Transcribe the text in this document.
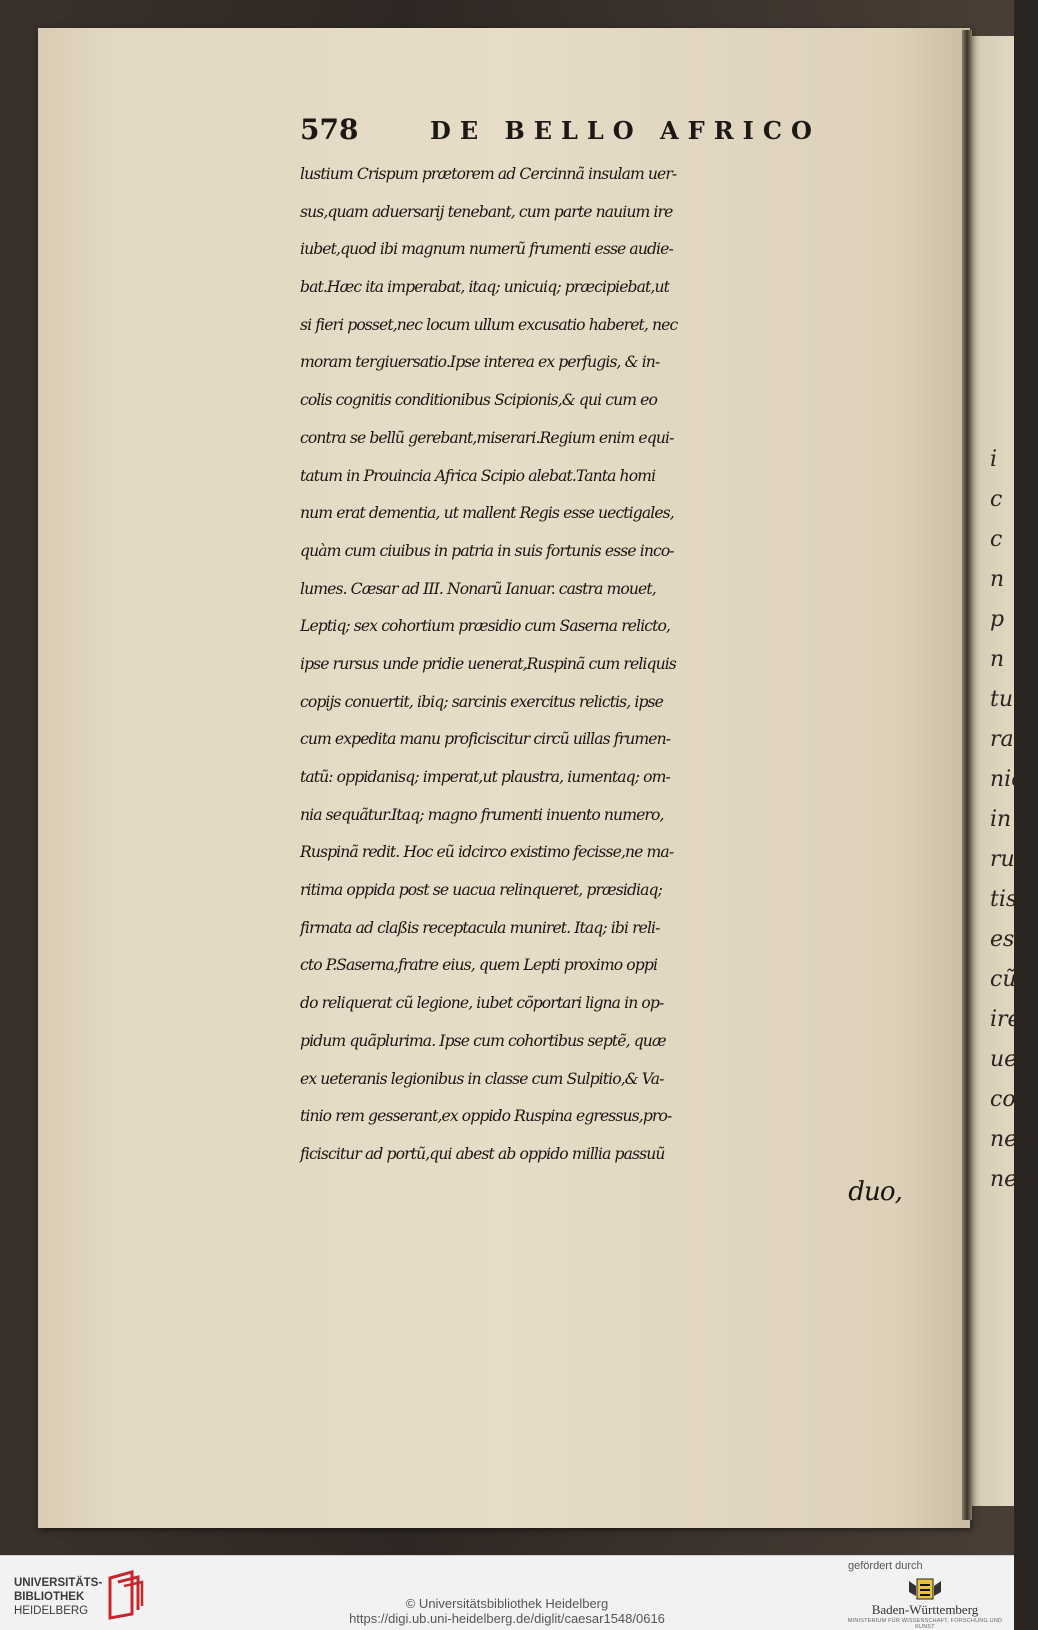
578	DE BELLO AFRICO
lustium Crispum prætorem ad Cercinnã insulam uer-
sus,quam aduersarij tenebant, cum parte nauium ire
iubet,quod ibi magnum numerũ frumenti esse audie-
bat.Hæc ita imperabat, itaq; unicuiq; præcipiebat,ut
si fieri posset,nec locum ullum excusatio haberet, nec
moram tergiuersatio.Ipse interea ex perfugis, & in-
colis cognitis conditionibus Scipionis,& qui cum eo
contra se bellũ gerebant,miserari.Regium enim equi-
tatum in Prouincia Africa Scipio alebat.Tanta homi
num erat dementia, ut mallent Regis esse uectigales,
quàm cum ciuibus in patria in suis fortunis esse inco-
lumes. Cæsar ad III. Nonarũ Ianuar. castra mouet,
Leptiq; sex cohortium præsidio cum Saserna relicto,
ipse rursus unde pridie uenerat,Ruspinã cum reliquis
copijs conuertit, ibiq; sarcinis exercitus relictis, ipse
cum expedita manu proficiscitur circũ uillas frumen-
tatũ: oppidanisq; imperat,ut plaustra, iumentaq; om-
nia sequãtur.Itaq; magno frumenti inuento numero,
Ruspinã redit. Hoc eũ idcirco existimo fecisse,ne ma-
ritima oppida post se uacua relinqueret, præsidiaq;
firmata ad claßis receptacula muniret. Itaq; ibi reli-
cto P.Saserna,fratre eius, quem Lepti proximo oppi
do reliquerat cũ legione, iubet cõportari ligna in op-
pidum quãplurima. Ipse cum cohortibus septẽ, quæ
ex ueteranis legionibus in classe cum Sulpitio,& Va-
tinio rem gesserant,ex oppido Ruspina egressus,pro-
ficiscitur ad portũ,qui abest ab oppido millia passuũ
duo,
i
c
c
n
p
n
tu
ra
nic
in
ru
tis,
est
cũc
ire
ues
cos
ne p
nem
UNIVERSITÄTS-
BIBLIOTHEK
HEIDELBERG	© Universitätsbibliothek Heidelberg
https://digi.ub.uni-heidelberg.de/diglit/caesar1548/0616
gefördert durch
Baden-Württemberg
MINISTERIUM FÜR WISSENSCHAFT, FORSCHUNG UND KUNST
